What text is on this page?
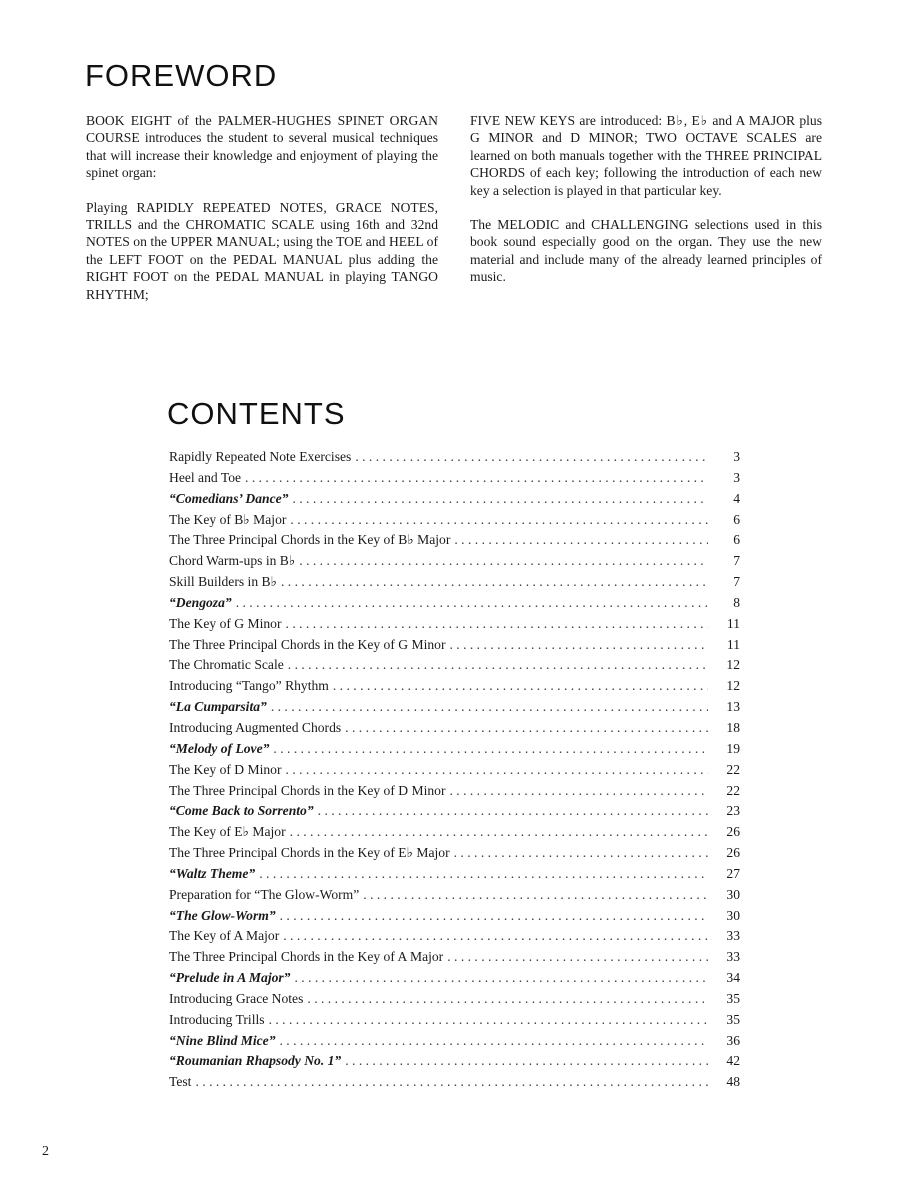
FOREWORD

BOOK EIGHT of the PALMER-HUGHES SPINET ORGAN COURSE introduces the student to several musical techniques that will increase their knowledge and enjoyment of playing the spinet organ:

Playing RAPIDLY REPEATED NOTES, GRACE NOTES, TRILLS and the CHROMATIC SCALE using 16th and 32nd NOTES on the UPPER MANUAL; using the TOE and HEEL of the LEFT FOOT on the PEDAL MANUAL plus adding the RIGHT FOOT on the PEDAL MANUAL in playing TANGO RHYTHM;

FIVE NEW KEYS are introduced: B♭, E♭ and A MAJOR plus G MINOR and D MINOR; TWO OCTAVE SCALES are learned on both manuals together with the THREE PRINCIPAL CHORDS of each key; following the introduction of each new key a selection is played in that particular key.

The MELODIC and CHALLENGING selections used in this book sound especially good on the organ. They use the new material and include many of the already learned principles of music.

CONTENTS
Rapidly Repeated Note Exercises . . .	3
Heel and Toe . . .	3
“Comedians’ Dance” . . .	4
The Key of B♭ Major . . .	6
The Three Principal Chords in the Key of B♭ Major . . .	6
Chord Warm-ups in B♭ . . .	7
Skill Builders in B♭ . . .	7
“Dengoza” . . .	8
The Key of G Minor . . .	11
The Three Principal Chords in the Key of G Minor . . .	11
The Chromatic Scale . . .	12
Introducing “Tango” Rhythm . . .	12
“La Cumparsita” . . .	13
Introducing Augmented Chords . . .	18
“Melody of Love” . . .	19
The Key of D Minor . . .	22
The Three Principal Chords in the Key of D Minor . . .	22
“Come Back to Sorrento” . . .	23
The Key of E♭ Major . . .	26
The Three Principal Chords in the Key of E♭ Major . . .	26
“Waltz Theme” . . .	27
Preparation for “The Glow-Worm” . . .	30
“The Glow-Worm” . . .	30
The Key of A Major . . .	33
The Three Principal Chords in the Key of A Major . . .	33
“Prelude in A Major” . . .	34
Introducing Grace Notes . . .	35
Introducing Trills . . .	35
“Nine Blind Mice” . . .	36
“Roumanian Rhapsody No. 1” . . .	42
Test . . .	48
2
